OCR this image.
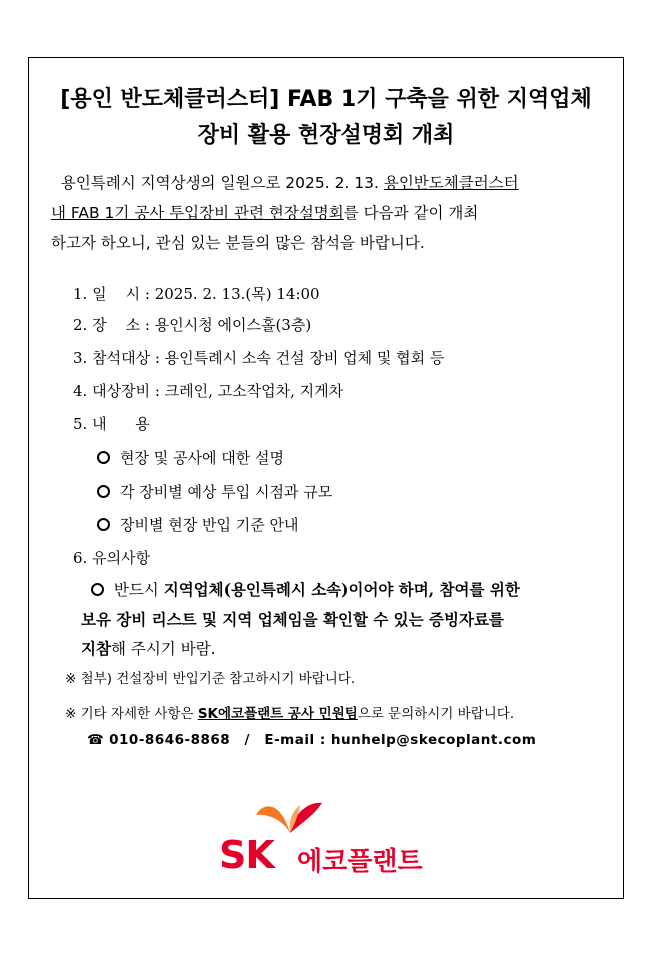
[용인 반도체클러스터] FAB 1기 구축을 위한 지역업체
장비 활용 현장설명회 개최
용인특례시 지역상생의 일원으로 2025. 2. 13. 용인반도체클러스터
내 FAB 1기 공사 투입장비 관련 현장설명회를 다음과 같이 개최
하고자 하오니, 관심 있는 분들의 많은 참석을 바랍니다.
1. 일    시 : 2025. 2. 13.(목) 14:00
2. 장    소 : 용인시청 에이스홀(3층)
3. 참석대상 : 용인특례시 소속 건설 장비 업체 및 협회 등
4. 대상장비 : 크레인, 고소작업차, 지게차
5. 내      용
현장 및 공사에 대한 설명
각 장비별 예상 투입 시점과 규모
장비별 현장 반입 기준 안내
6. 유의사항
반드시 지역업체(용인특례시 소속)이어야 하며, 참여를 위한
보유 장비 리스트 및 지역 업체임을 확인할 수 있는 증빙자료를
지참해 주시기 바람.
※ 첨부) 건설장비 반입기준 참고하시기 바랍니다.
※ 기타 자세한 사항은 SK에코플랜트 공사 민원팀으로 문의하시기 바랍니다.
☎ 010-8646-8868 / E-mail : hunhelp@skecoplant.com
SK 에코플랜트
